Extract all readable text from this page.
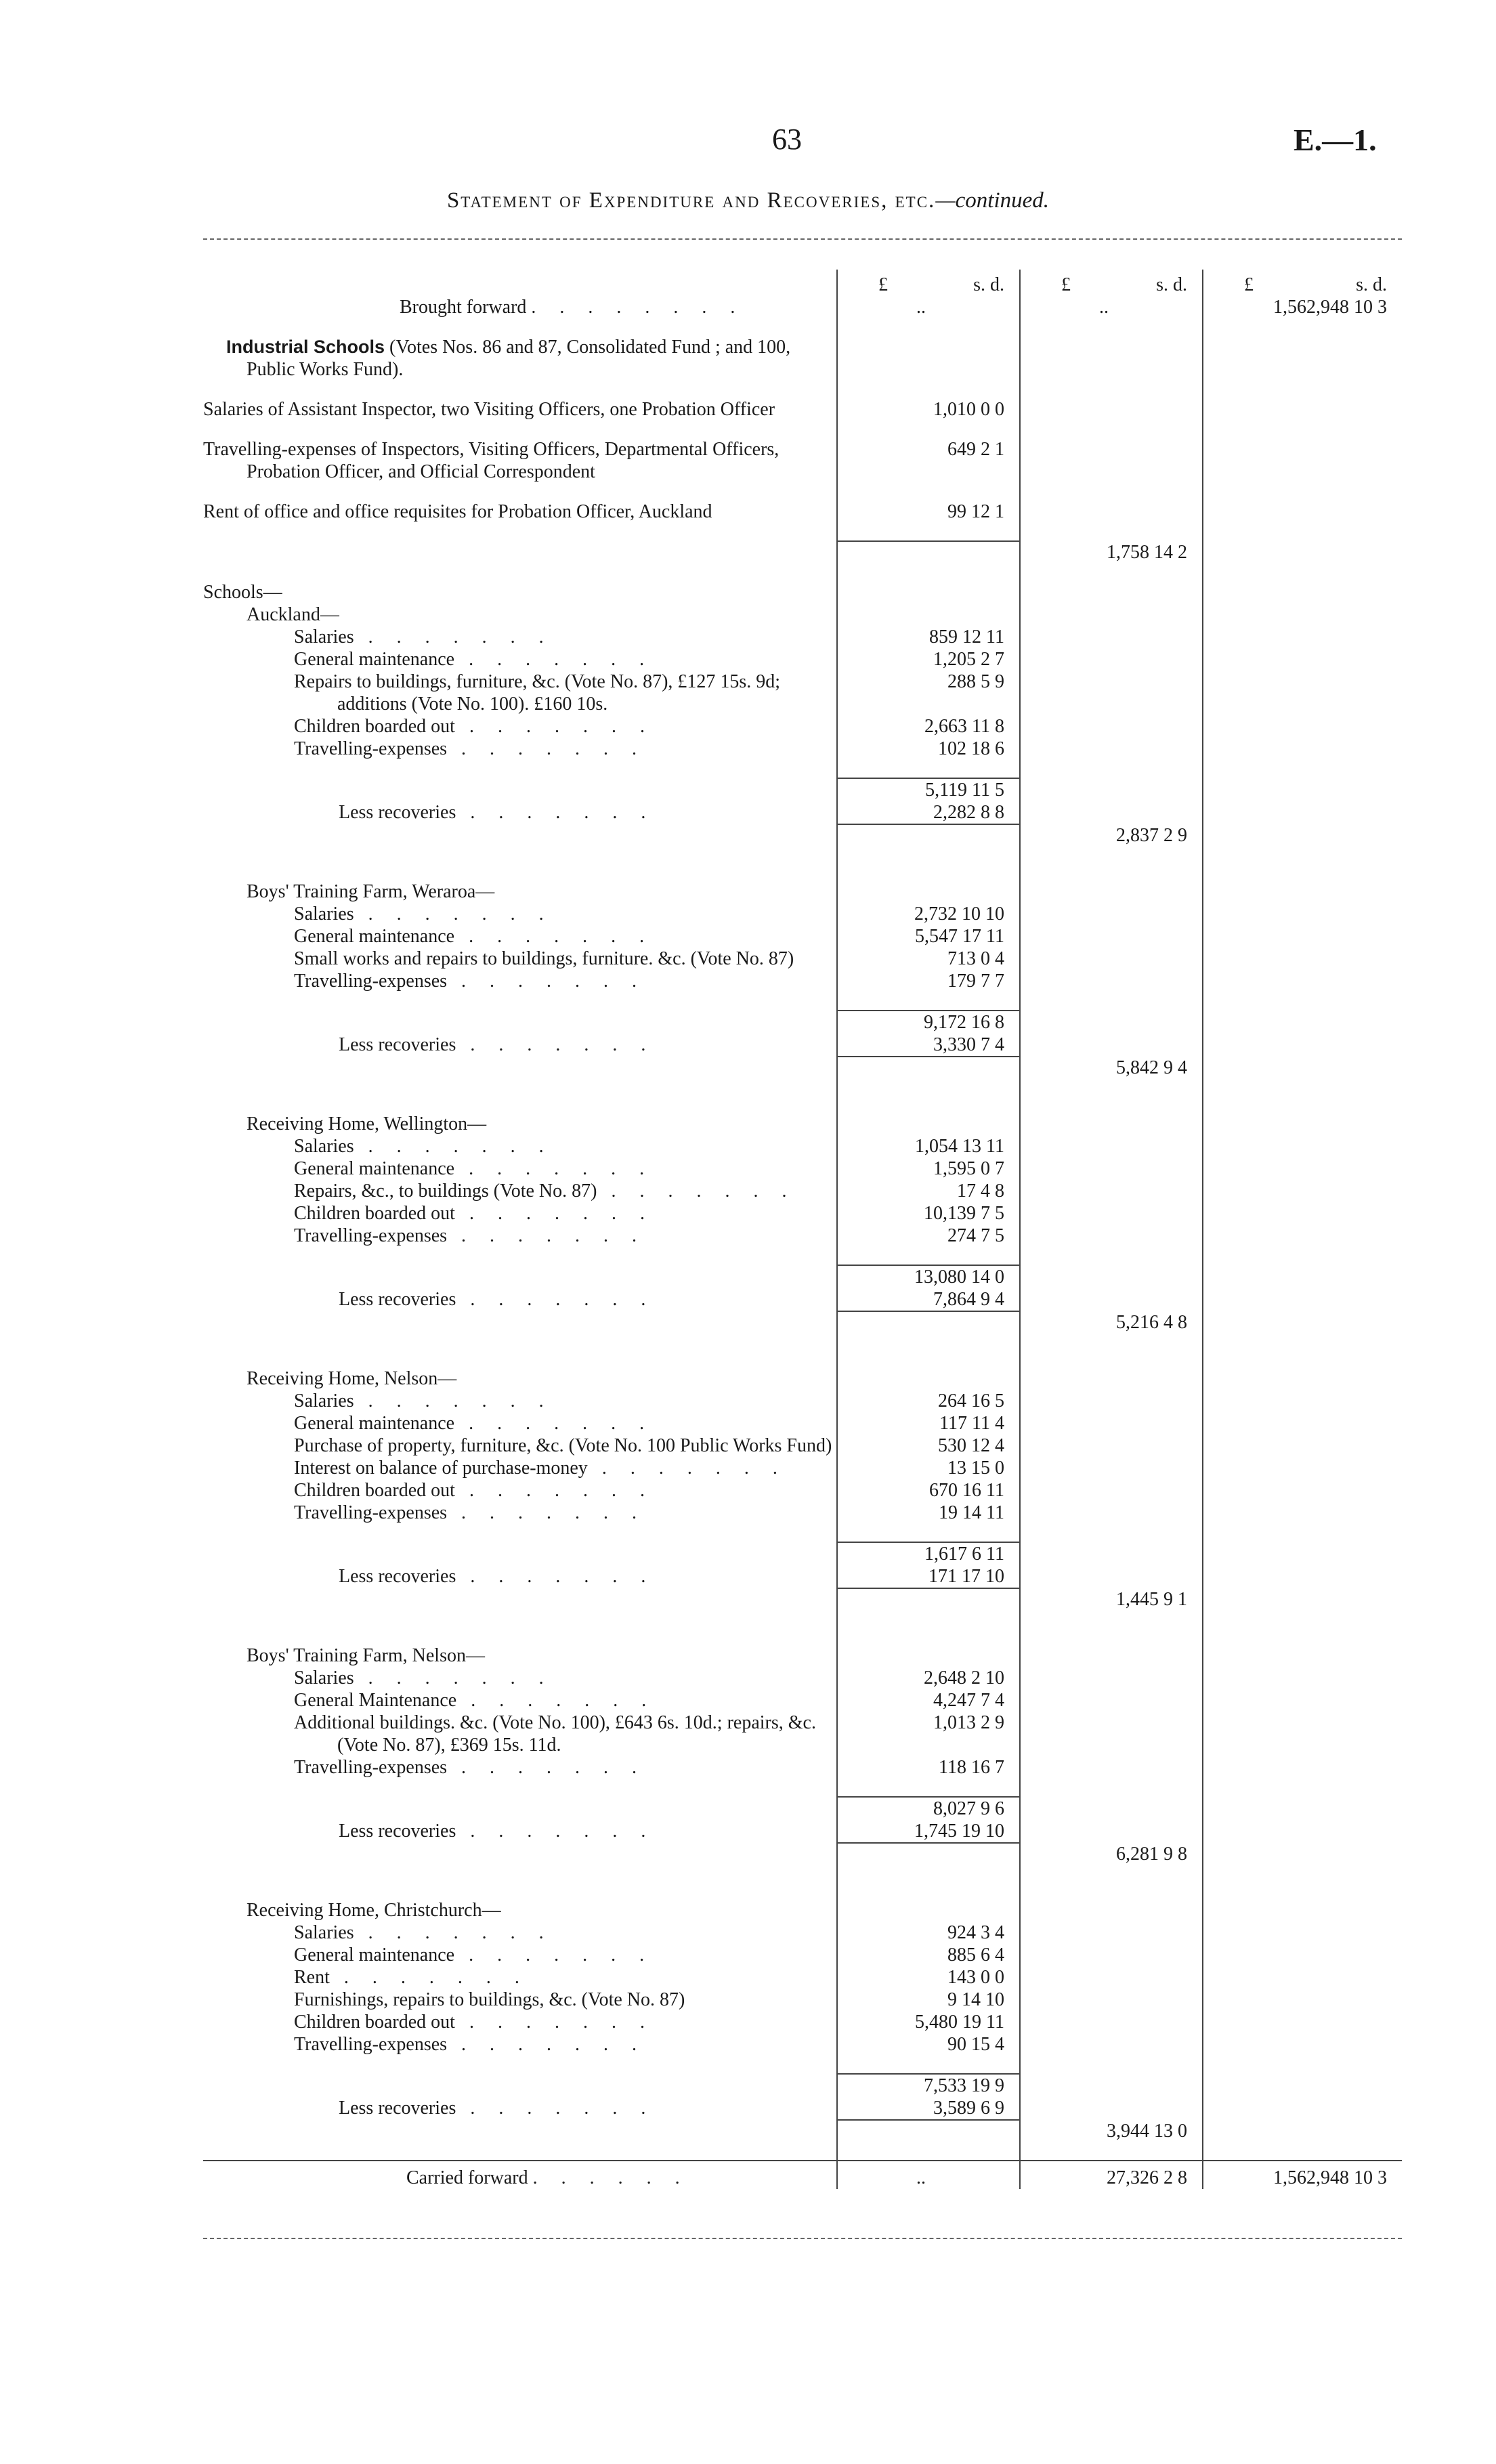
63	E.—1.
Statement of Expenditure and Recoveries, etc.—continued.

	£ s. d.	£ s. d.	£ s. d.

Brought forward . . . . . . . .	..	..	1,562,948 10 3

Industrial Schools (Votes Nos. 86 and 87, Consolidated Fund ; and 100, Public Works Fund).			

Salaries of Assistant Inspector, two Visiting Officers, one Probation Officer	1,010 0 0		

Travelling-expenses of Inspectors, Visiting Officers, Departmental Officers, Probation Officer, and Official Correspondent	649 2 1		

Rent of office and office requisites for Probation Officer, Auckland	99 12 1		

		1,758 14 2	

Schools—			
Auckland—			
Salaries . . . . . . .	859 12 11		
General maintenance . . . . . . .	1,205 2 7		

Repairs to buildings, furniture, &c. (Vote No. 87), £127 15s. 9d; additions (Vote No. 100). £160 10s.	288 5 9		
Children boarded out . . . . . . .	2,663 11 8		
Travelling-expenses . . . . . . .	102 18 6		

	5,119 11 5		
Less recoveries . . . . . . .	2,282 8 8		
		2,837 2 9	

Boys' Training Farm, Weraroa—			
Salaries . . . . . . .	2,732 10 10		
General maintenance . . . . . . .	5,547 17 11		

Small works and repairs to buildings, furniture. &c. (Vote No. 87)	713 0 4		
Travelling-expenses . . . . . . .	179 7 7		

	9,172 16 8		
Less recoveries . . . . . . .	3,330 7 4		
		5,842 9 4	

Receiving Home, Wellington—			
Salaries . . . . . . .	1,054 13 11		
General maintenance . . . . . . .	1,595 0 7		
Repairs, &c., to buildings (Vote No. 87) . . . . . . .	17 4 8		
Children boarded out . . . . . . .	10,139 7 5		
Travelling-expenses . . . . . . .	274 7 5		

	13,080 14 0		
Less recoveries . . . . . . .	7,864 9 4		
		5,216 4 8	

Receiving Home, Nelson—			
Salaries . . . . . . .	264 16 5		
General maintenance . . . . . . .	117 11 4		

Purchase of property, furniture, &c. (Vote No. 100 Public Works Fund)	530 12 4		
Interest on balance of purchase-money . . . . . . .	13 15 0		
Children boarded out . . . . . . .	670 16 11		
Travelling-expenses . . . . . . .	19 14 11		

	1,617 6 11		
Less recoveries . . . . . . .	171 17 10		
		1,445 9 1	

Boys' Training Farm, Nelson—			
Salaries . . . . . . .	2,648 2 10		
General Maintenance . . . . . . .	4,247 7 4		

Additional buildings. &c. (Vote No. 100), £643 6s. 10d.; repairs, &c. (Vote No. 87), £369 15s. 11d.	1,013 2 9		
Travelling-expenses . . . . . . .	118 16 7		

	8,027 9 6		
Less recoveries . . . . . . .	1,745 19 10		
		6,281 9 8	

Receiving Home, Christchurch—			
Salaries . . . . . . .	924 3 4		
General maintenance . . . . . . .	885 6 4		
Rent . . . . . . .	143 0 0		

Furnishings, repairs to buildings, &c. (Vote No. 87)	9 14 10		
Children boarded out . . . . . . .	5,480 19 11		
Travelling-expenses . . . . . . .	90 15 4		

	7,533 19 9		
Less recoveries . . . . . . .	3,589 6 9		
		3,944 13 0	

Carried forward . . . . . .	..	27,326 2 8	1,562,948 10 3
